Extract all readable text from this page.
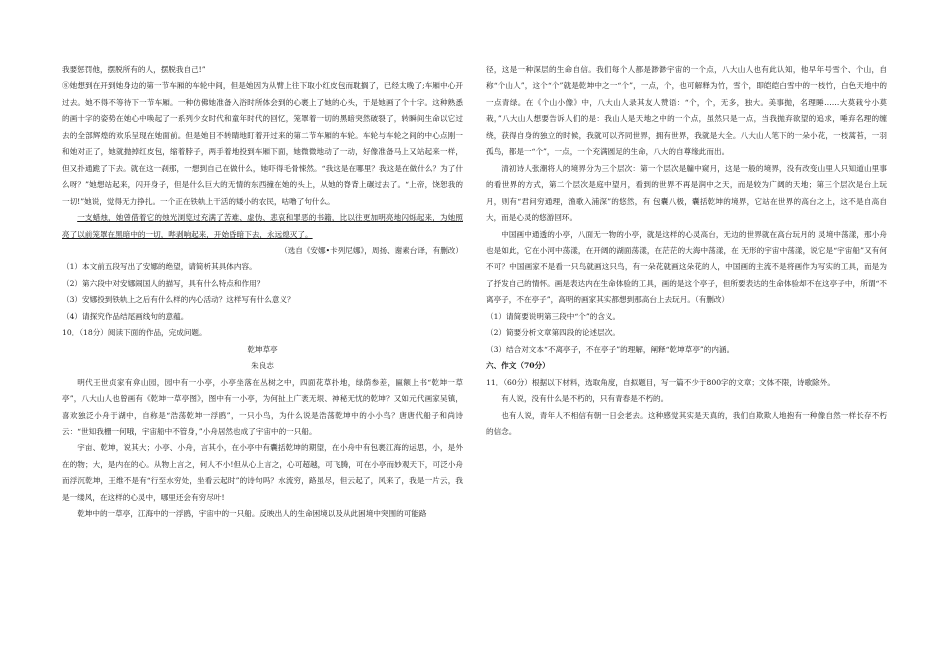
我要惩罚他，摆脱所有的人，摆脱我自己!”

⑧她想到在开到她身边的第一节车厢的车轮中间，但是她因为从臂上往下取小红皮包而耽搁了，已经太晚了;车厢中心开过去。她不得不等待下一节车厢。一种仿佛她准备入浴时所体会到的心裹上了她的心头，于是她画了个十字。这种熟悉的画十字的姿势在她心中唤起了一系列少女时代和童年时代的回忆，笼罩着一切的黑暗突然破裂了，转瞬间生命以它过去的全部辉煌的欢乐呈现在她面前。但是她目不转睛地盯着开过来的第二节车厢的车轮。车轮与车轮之间的中心点刚一和她对正了，她就抛掉红皮包，缩着脖子，两手着地投到车厢下面，她微微地动了一动，好像准备马上又站起来一样，但又扑通跪了下去。就在这一刹那，一想到自己在做什么，她吓得毛骨悚然。“我这是在哪里？我这是在做什么？为了什么呀？”她想站起来，闪开身子，但是什么巨大的无情的东西撞在她的头上，从她的脊背上碾过去了。“上帝，饶恕我的一切!”她说，觉得无力挣扎。一个正在铁轨上干活的矮小的农民，咕噜了句什么。

一支蜡烛，她曾借着它的烛光浏览过充满了苦难、虚伪、悲哀和罪恶的书籍，比以往更加明亮地闪烁起来，为她照亮了以前笼罩在黑暗中的一切，哔剥响起来，开始昏暗下去，永远熄灭了。

（选自《安娜•卡列尼娜》，周扬、谢素台译，有删改）

（1）本文前五段写出了安娜的绝望，请简析其具体内容。

（2）第六段中对安娜闹国人的描写，具有什么特点和作用？

（3）安娜投到铁轨上之后有什么样的内心活动？这样写有什么意义？

（4）请探究作品结尾画线句的意蕴。

10．（18分）阅读下面的作品，完成问题。

乾坤草亭

朱良志

明代王世贞家有弇山园，园中有一小亭，小亭坐落在丛树之中，四面花草扑地，绿荫参差，匾额上书“乾坤一草亭”，八大山人也曾画有《乾坤一草亭图》，图中有一小亭，为何扯上广袤无垠、神秘无忧的乾坤？又如元代画家吴镇，喜欢独泛小舟于湖中，自称是“浩荡乾坤一浮鸥”，一只小鸟，为什么说是浩荡乾坤中的小小鸟？唐唐代船子和尚诗云：“世知我栅一何哦，宇宙船中不管身，”小舟居然也成了宇宙中的一只船。

宇亩、乾坤，说其大；小亭、小舟，言其小，在小亭中有囊括乾坤的期望，在小舟中有包裹江海的运思，小，是外在的物；大，是内在的心。从物上言之，何人不小!但从心上言之，心可超越，可飞腾，可在小亭而妙观天下，可泛小舟而浮沉乾坤，王维不是有“行至水穷处，坐看云起时”的诗句吗？水流穷，路虽尽，但云起了，风来了，我是一片云，我是一缕风，在这样的心灵中，哪里还会有穷尽叶!

乾坤中的一草亭，江海中的一浮鸥，宇宙中的一只船。反映出人的生命困境以及从此困境中突围的可能路

径，这是一种深层的生命自信。我们每个人都是渺渺宇宙的一个点，八大山人也有此认知，他早年号雪个、个山，自称“个山人”，这个“个”就是乾坤中之一“个”，一点，个，也可解释为竹，雪个，即皑皑白雪中的一枝竹，白色天地中的一点青绿。在《个山小像》中，八大山人录其友人赞语：“个，个，无多，独大。美事抛，名理睡……大莫栽兮小莫栽，”八大山人想要告诉人们的是：我山人是天地之中的一个点，虽然只是一点，当我抛弃欲望的追求，唾弃名理的缠绕，获得自身的独立的时候，我就可以齐同世界，拥有世界，我就是大全。八大山人笔下的一朵小花，一枝蒿苔，一羽孤鸟，都是一“个”，一点，一个充满圆足的生命，八大的自尊缘此而出。

清初诗人张潮将人的境界分为三个层次：第一个层次是牖中窥月，这是一般的境界，没有改变山里人只知道山里事的看世界的方式，第二个层次是庭中望月，看到的世界不再是润中之天，而是较为广阔的天地；第三个层次是台上玩月，则有“君问穷通理，渔歌入浦深”的悠然，有 包囊八极，囊括乾坤的境界，它站在世界的高台之上，这不是自高自大，而是心灵的悠游回环。

中国画中通透的小亭，八面无一物的小亭，就是这样的心灵高台，无边的世界就在高台玩月的 灵境中荡漾，那小舟也是如此，它在小河中荡漾，在开阔的湖面荡漾，在茫茫的大海中荡漾，在 无形的宇宙中荡漾，说它是“宇宙船”又有何不可？中国画家不是看一只鸟就画这只鸟，有一朵花就画这朵花的人，中国画的主流不是将画作为写实的工具，而是为了抒发自己的情怀。画是表达内在生命体验的工具，画的是这个亭子，但所要表达的生命体验却不在这亭子中，所谓“不离亭子，不在亭子”，高明的画家其实都想到那高台上去玩月。（有删改）

（1）请简要说明第三段中“个”的含义。

（2）简要分析文章第四段的论述层次。

（3）结合对文本“不离亭子，不在亭子”的理解，阐释“乾坤草亭”的内涵。

六、作文（70分）

11．（60分）根据以下材料，选取角度，自拟题目，写一篇不少于800字的文章；文体不限，诗歌除外。

有人说，没有什么是不朽的，只有青春是不朽的。

也有人说，青年人不相信有朝一日会老去。这种感觉其实是天真的，我们自欺欺人地抱有一种像自然一样长存不朽的信念。
